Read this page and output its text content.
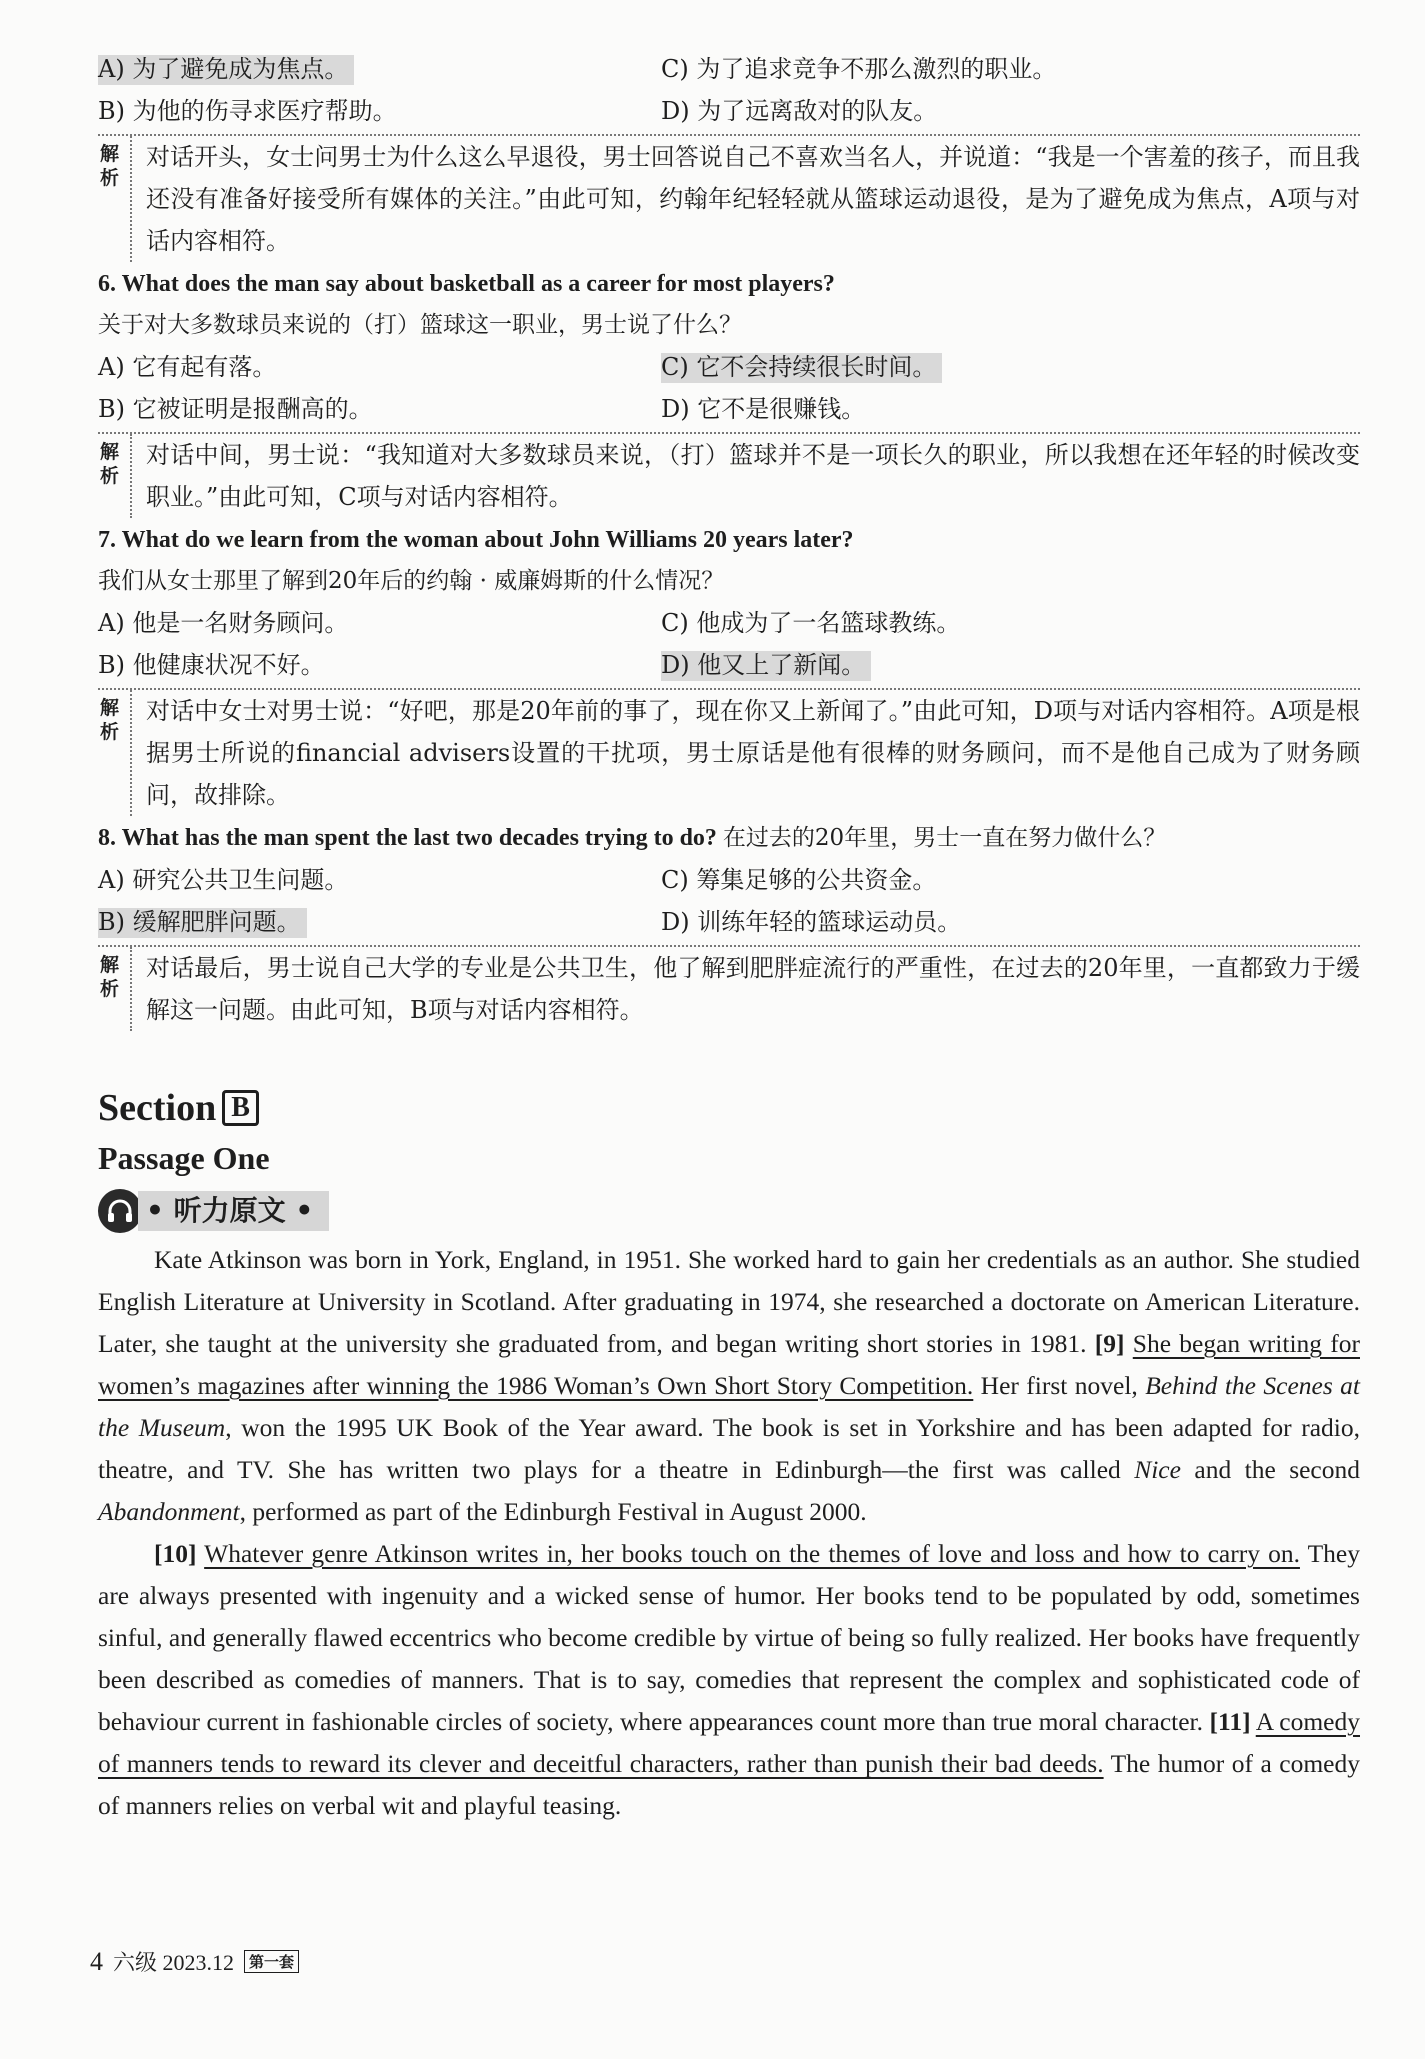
A) 为了避免成为焦点。	C) 为了追求竞争不那么激烈的职业。
B) 为他的伤寻求医疗帮助。	D) 为了远离敌对的队友。
解
析
对话开头，女士问男士为什么这么早退役，男士回答说自己不喜欢当名人，并说道：“我是一个害羞的孩子，而且我还没有准备好接受所有媒体的关注。”由此可知，约翰年纪轻轻就从篮球运动退役，是为了避免成为焦点，A项与对话内容相符。
6. What does the man say about basketball as a career for most players?
关于对大多数球员来说的（打）篮球这一职业，男士说了什么？
A) 它有起有落。	C) 它不会持续很长时间。
B) 它被证明是报酬高的。	D) 它不是很赚钱。
解
析
对话中间，男士说：“我知道对大多数球员来说，（打）篮球并不是一项长久的职业，所以我想在还年轻的时候改变职业。”由此可知，C项与对话内容相符。
7. What do we learn from the woman about John Williams 20 years later?
我们从女士那里了解到20年后的约翰 · 威廉姆斯的什么情况？
A) 他是一名财务顾问。	C) 他成为了一名篮球教练。
B) 他健康状况不好。	D) 他又上了新闻。
解
析
对话中女士对男士说：“好吧，那是20年前的事了，现在你又上新闻了。”由此可知，D项与对话内容相符。A项是根据男士所说的financial advisers设置的干扰项，男士原话是他有很棒的财务顾问，而不是他自己成为了财务顾问，故排除。
8. What has the man spent the last two decades trying to do? 在过去的20年里，男士一直在努力做什么？
A) 研究公共卫生问题。	C) 筹集足够的公共资金。
B) 缓解肥胖问题。	D) 训练年轻的篮球运动员。
解
析
对话最后，男士说自己大学的专业是公共卫生，他了解到肥胖症流行的严重性，在过去的20年里，一直都致力于缓解这一问题。由此可知，B项与对话内容相符。
Section B
Passage One
• 听力原文 •

Kate Atkinson was born in York, England, in 1951. She worked hard to gain her credentials as an author. She studied English Literature at University in Scotland. After graduating in 1974, she researched a doctorate on American Literature. Later, she taught at the university she graduated from, and began writing short stories in 1981. [9] She began writing for women’s magazines after winning the 1986 Woman’s Own Short Story Competition. Her first novel, Behind the Scenes at the Museum, won the 1995 UK Book of the Year award. The book is set in Yorkshire and has been adapted for radio, theatre, and TV. She has written two plays for a theatre in Edinburgh—the first was called Nice and the second Abandonment, performed as part of the Edinburgh Festival in August 2000.

[10] Whatever genre Atkinson writes in, her books touch on the themes of love and loss and how to carry on. They are always presented with ingenuity and a wicked sense of humor. Her books tend to be populated by odd, sometimes sinful, and generally flawed eccentrics who become credible by virtue of being so fully realized. Her books have frequently been described as comedies of manners. That is to say, comedies that represent the complex and sophisticated code of behaviour current in fashionable circles of society, where appearances count more than true moral character. [11] A comedy of manners tends to reward its clever and deceitful characters, rather than punish their bad deeds. The humor of a comedy of manners relies on verbal wit and playful teasing.

4 六级 2023.12	第一套
